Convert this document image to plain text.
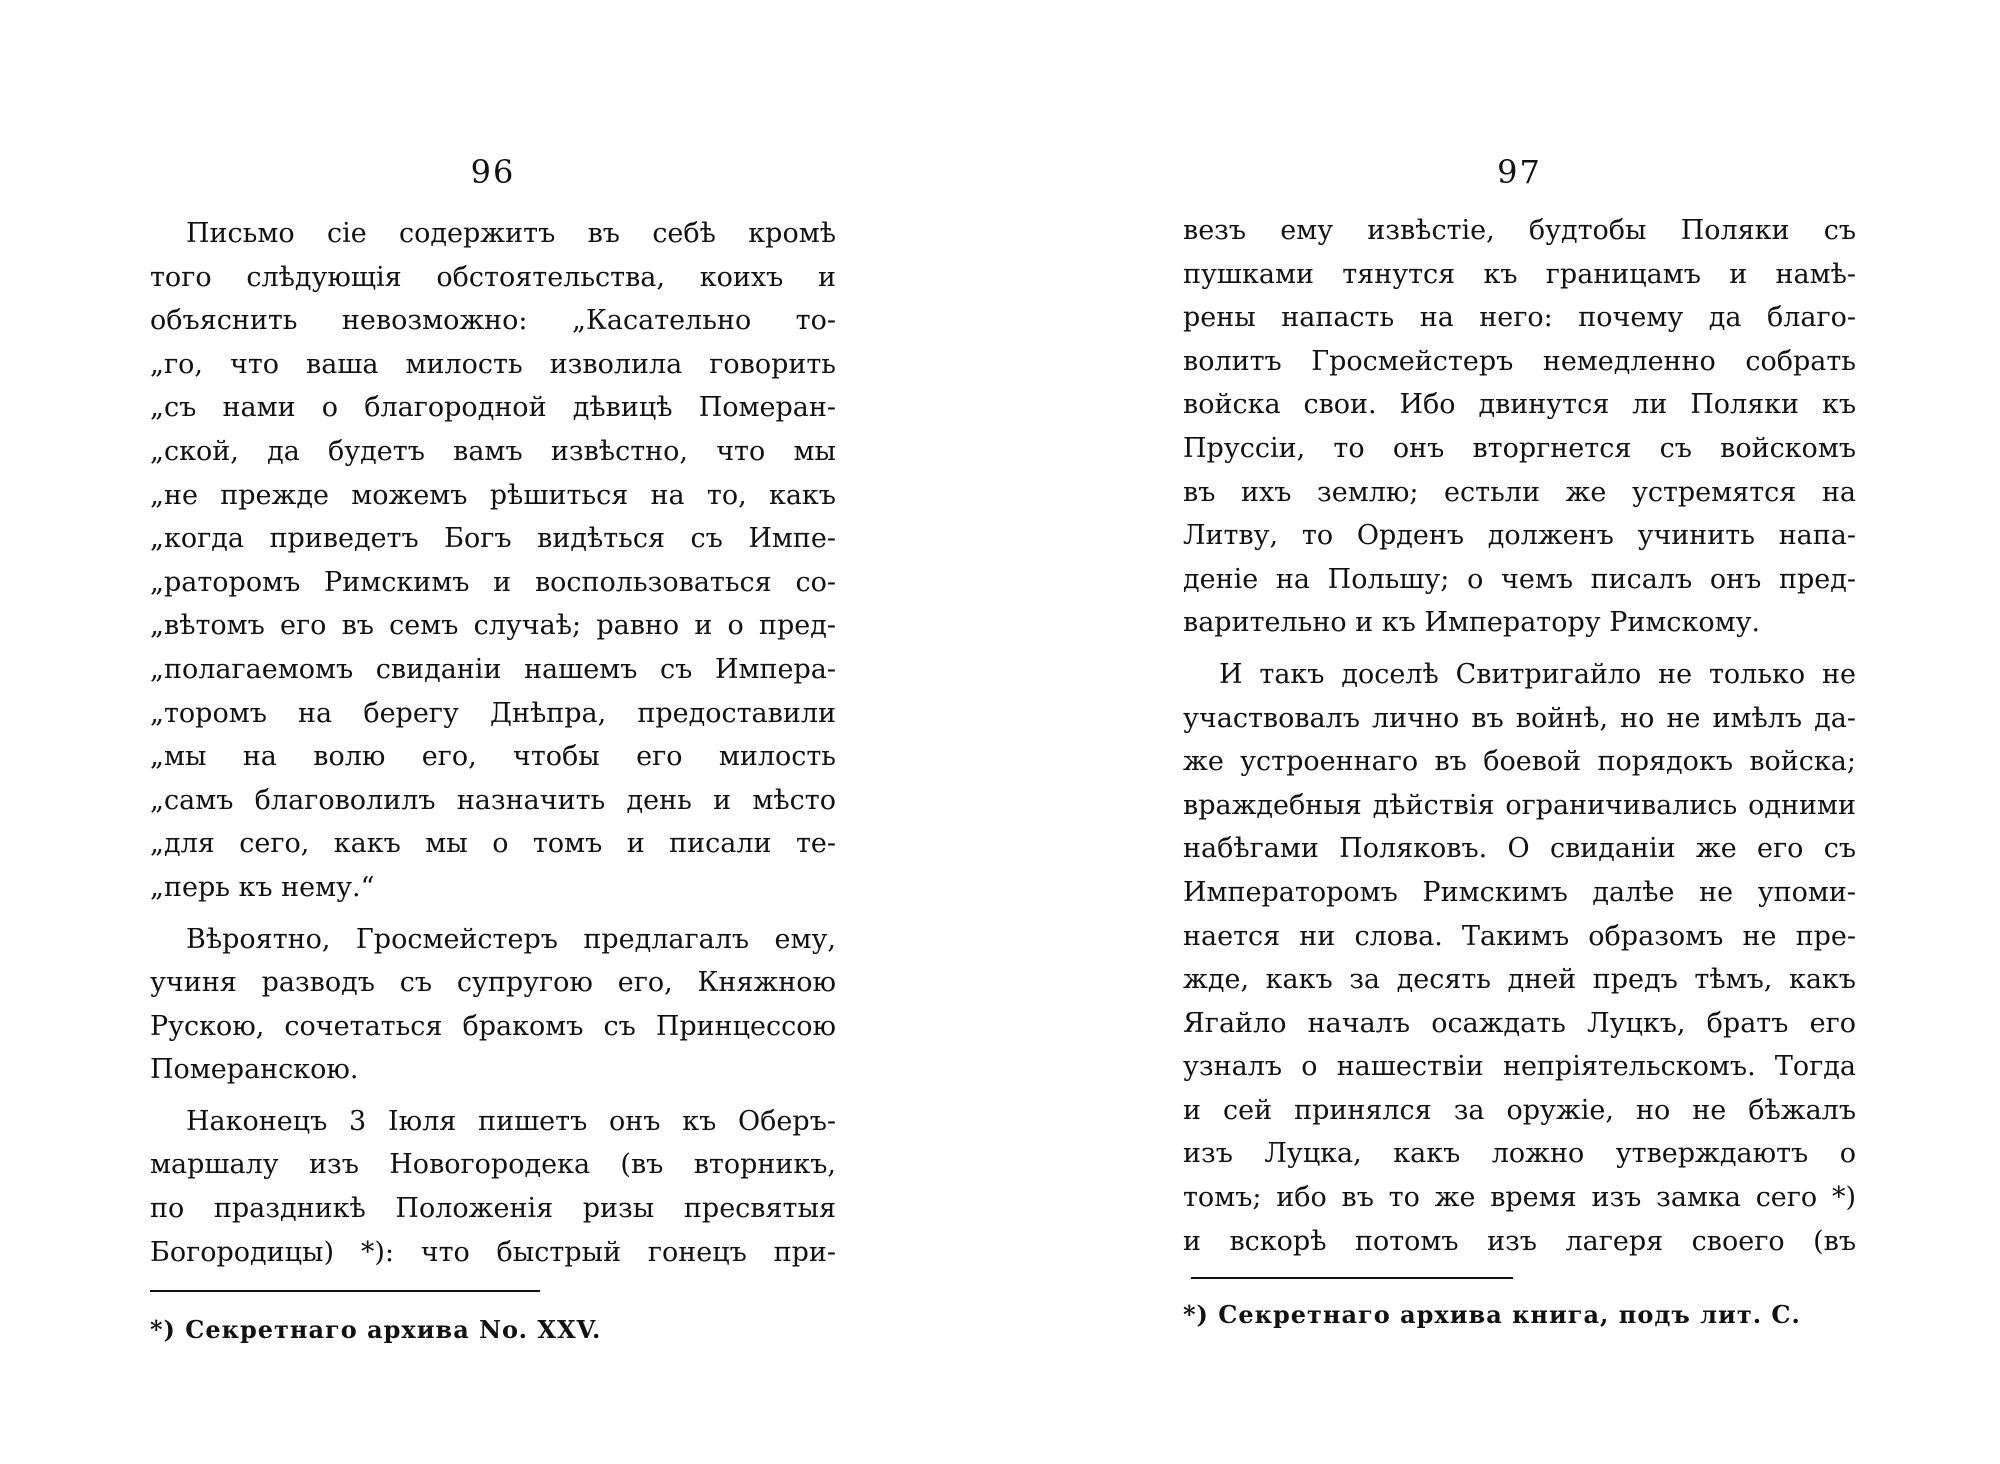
96
Письмо сіе содержитъ въ себѣ кромѣ
того слѣдующія обстоятельства, коихъ и
объяснить невозможно: „Касательно то-
„го, что ваша милость изволила говорить
„съ нами о благородной дѣвицѣ Померан-
„ской, да будетъ вамъ извѣстно, что мы
„не прежде можемъ рѣшиться на то, какъ
„когда приведетъ Богъ видѣться съ Импе-
„раторомъ Римскимъ и воспользоваться со-
„вѣтомъ его въ семъ случаѣ; равно и о пред-
„полагаемомъ свиданіи нашемъ съ Импера-
„торомъ на берегу Днѣпра, предоставили
„мы на волю его, чтобы его милость
„самъ благоволилъ назначить день и мѣсто
„для сего, какъ мы о томъ и писали те-
„перь къ нему.“
Вѣроятно, Гросмейстеръ предлагалъ ему,
учиня разводъ съ супругою его, Княжною
Рускою, сочетаться бракомъ съ Принцессою
Померанскою.
Наконецъ 3 Іюля пишетъ онъ къ Оберъ-
маршалу изъ Новогородека (въ вторникъ,
по праздникѣ Положенія ризы пресвятыя
Богородицы) *): что быстрый гонецъ при-
*) Секретнаго архива No. XXV.
97
везъ ему извѣстіе, будтобы Поляки съ
пушками тянутся къ границамъ и намѣ-
рены напасть на него: почему да благо-
волитъ Гросмейстеръ немедленно собрать
войска свои. Ибо двинутся ли Поляки къ
Пруссіи, то онъ вторгнется съ войскомъ
въ ихъ землю; естьли же устремятся на
Литву, то Орденъ долженъ учинить напа-
деніе на Польшу; о чемъ писалъ онъ пред-
варительно и къ Императору Римскому.
И такъ доселѣ Свитригайло не только не
участвовалъ лично въ войнѣ, но не имѣлъ да-
же устроеннаго въ боевой порядокъ войска;
враждебныя дѣйствія ограничивались одними
набѣгами Поляковъ. О свиданіи же его съ
Императоромъ Римскимъ далѣе не упоми-
нается ни слова. Такимъ образомъ не пре-
жде, какъ за десять дней предъ тѣмъ, какъ
Ягайло началъ осаждать Луцкъ, братъ его
узналъ о нашествіи непріятельскомъ. Тогда
и сей принялся за оружіе, но не бѣжалъ
изъ Луцка, какъ ложно утверждаютъ о
томъ; ибо въ то же время изъ замка сего *)
и вскорѣ потомъ изъ лагеря своего (въ
*) Секретнаго архива книга, подъ лит. С.
